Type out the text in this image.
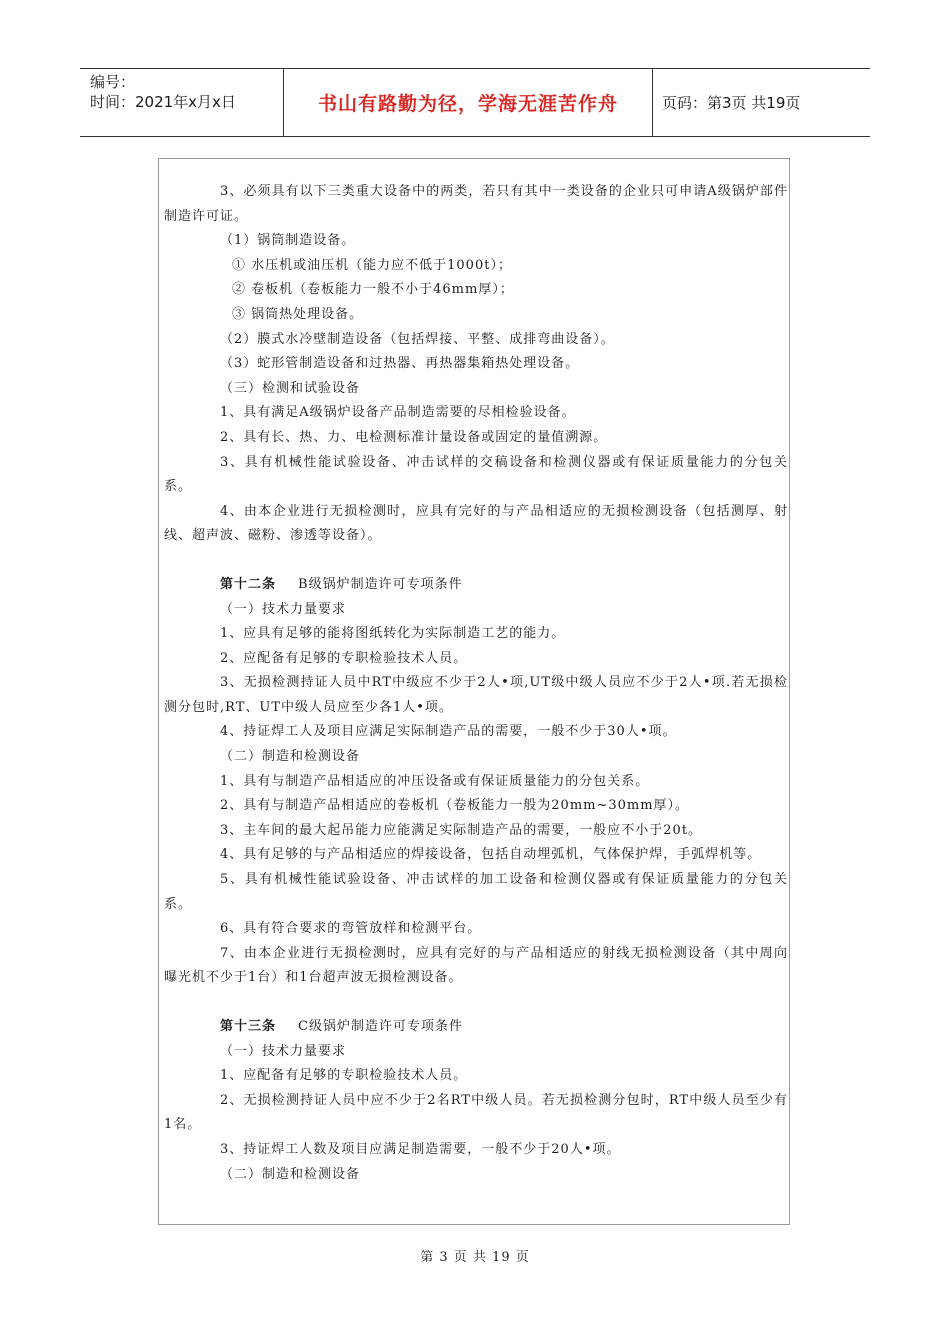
编号：
时间：2021年x月x日	书山有路勤为径，学海无涯苦作舟	页码：第3页 共19页
3、必须具有以下三类重大设备中的两类，若只有其中一类设备的企业只可申请A级锅炉部件制造许可证。
（1）锅筒制造设备。
① 水压机或油压机（能力应不低于1000t）；
② 卷板机（卷板能力一般不小于46mm厚）；
③ 锅筒热处理设备。
（2）膜式水冷壁制造设备（包括焊接、平整、成排弯曲设备）。
（3）蛇形管制造设备和过热器、再热器集箱热处理设备。
（三）检测和试验设备
1、具有满足A级锅炉设备产品制造需要的尽相检验设备。
2、具有长、热、力、电检测标准计量设备或固定的量值溯源。
3、具有机械性能试验设备、冲击试样的交稿设备和检测仪器或有保证质量能力的分包关系。
4、由本企业进行无损检测时，应具有完好的与产品相适应的无损检测设备（包括测厚、射线、超声波、磁粉、渗透等设备）。
第十二条 B级锅炉制造许可专项条件
（一）技术力量要求
1、应具有足够的能将图纸转化为实际制造工艺的能力。
2、应配备有足够的专职检验技术人员。
3、无损检测持证人员中RT中级应不少于2人•项,UT级中级人员应不少于2人•项.若无损检测分包时,RT、UT中级人员应至少各1人•项。
4、持证焊工人及项目应满足实际制造产品的需要，一般不少于30人•项。
（二）制造和检测设备
1、具有与制造产品相适应的冲压设备或有保证质量能力的分包关系。
2、具有与制造产品相适应的卷板机（卷板能力一般为20mm~30mm厚）。
3、主车间的最大起吊能力应能满足实际制造产品的需要，一般应不小于20t。
4、具有足够的与产品相适应的焊接设备，包括自动埋弧机，气体保护焊，手弧焊机等。
5、具有机械性能试验设备、冲击试样的加工设备和检测仪器或有保证质量能力的分包关系。
6、具有符合要求的弯管放样和检测平台。
7、由本企业进行无损检测时，应具有完好的与产品相适应的射线无损检测设备（其中周向曝光机不少于1台）和1台超声波无损检测设备。
第十三条 C级锅炉制造许可专项条件
（一）技术力量要求
1、应配备有足够的专职检验技术人员。
2、无损检测持证人员中应不少于2名RT中级人员。若无损检测分包时，RT中级人员至少有1名。
3、持证焊工人数及项目应满足制造需要，一般不少于20人•项。
（二）制造和检测设备
第 3 页 共 19 页
